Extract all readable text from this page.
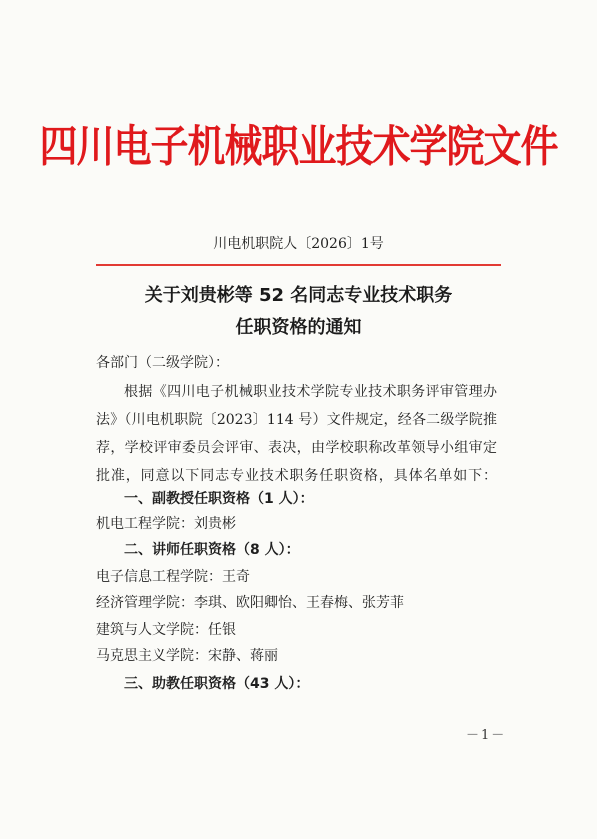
四川电子机械职业技术学院文件
川电机职院人〔2026〕1号
关于刘贵彬等 52 名同志专业技术职务
任职资格的通知
各部门（二级学院）：
根据《四川电子机械职业技术学院专业技术职务评审管理办
法》（川电机职院〔2023〕114 号）文件规定，经各二级学院推
荐，学校评审委员会评审、表决，由学校职称改革领导小组审定
批准，同意以下同志专业技术职务任职资格，具体名单如下：
一、副教授任职资格（1 人）：
机电工程学院：刘贵彬
二、讲师任职资格（8 人）：
电子信息工程学院：王奇
经济管理学院：李琪、欧阳卿怡、王春梅、张芳菲
建筑与人文学院：任银
马克思主义学院：宋静、蒋丽
三、助教任职资格（43 人）：
－1－
